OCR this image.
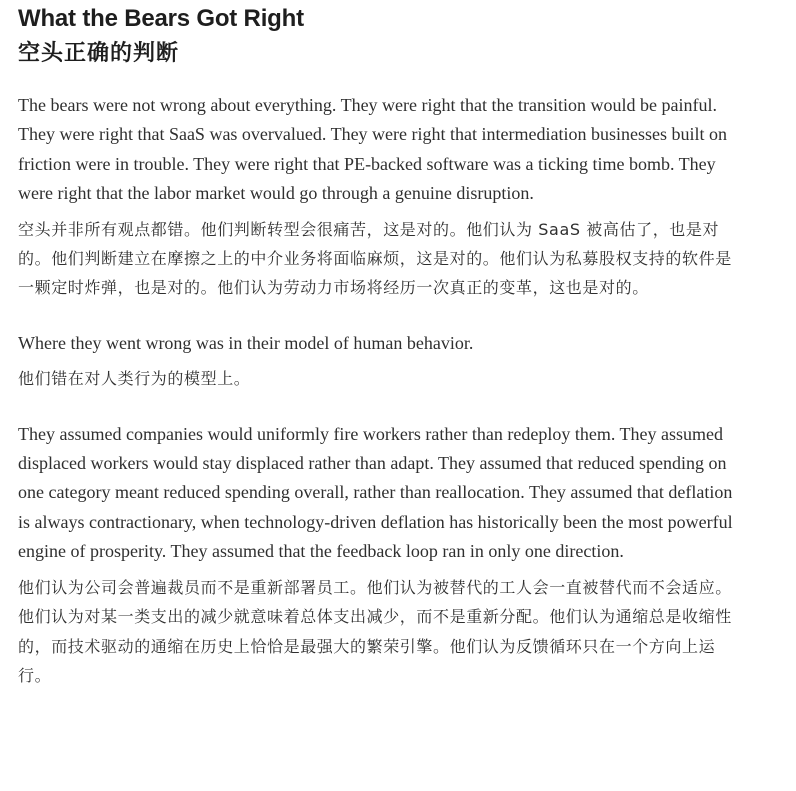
What the Bears Got Right
空头正确的判断

The bears were not wrong about everything. They were right that the transition would be painful. They were right that SaaS was overvalued. They were right that intermediation businesses built on friction were in trouble. They were right that PE-backed software was a ticking time bomb. They were right that the labor market would go through a genuine disruption.

空头并非所有观点都错。他们判断转型会很痛苦，这是对的。他们认为 SaaS 被高估了，也是对的。他们判断建立在摩擦之上的中介业务将面临麻烦，这是对的。他们认为私募股权支持的软件是一颗定时炸弹，也是对的。他们认为劳动力市场将经历一次真正的变革，这也是对的。

Where they went wrong was in their model of human behavior.

他们错在对人类行为的模型上。

They assumed companies would uniformly fire workers rather than redeploy them. They assumed displaced workers would stay displaced rather than adapt. They assumed that reduced spending on one category meant reduced spending overall, rather than reallocation. They assumed that deflation is always contractionary, when technology-driven deflation has historically been the most powerful engine of prosperity. They assumed that the feedback loop ran in only one direction.

他们认为公司会普遍裁员而不是重新部署员工。他们认为被替代的工人会一直被替代而不会适应。他们认为对某一类支出的减少就意味着总体支出减少，而不是重新分配。他们认为通缩总是收缩性的，而技术驱动的通缩在历史上恰恰是最强大的繁荣引擎。他们认为反馈循环只在一个方向上运行。
